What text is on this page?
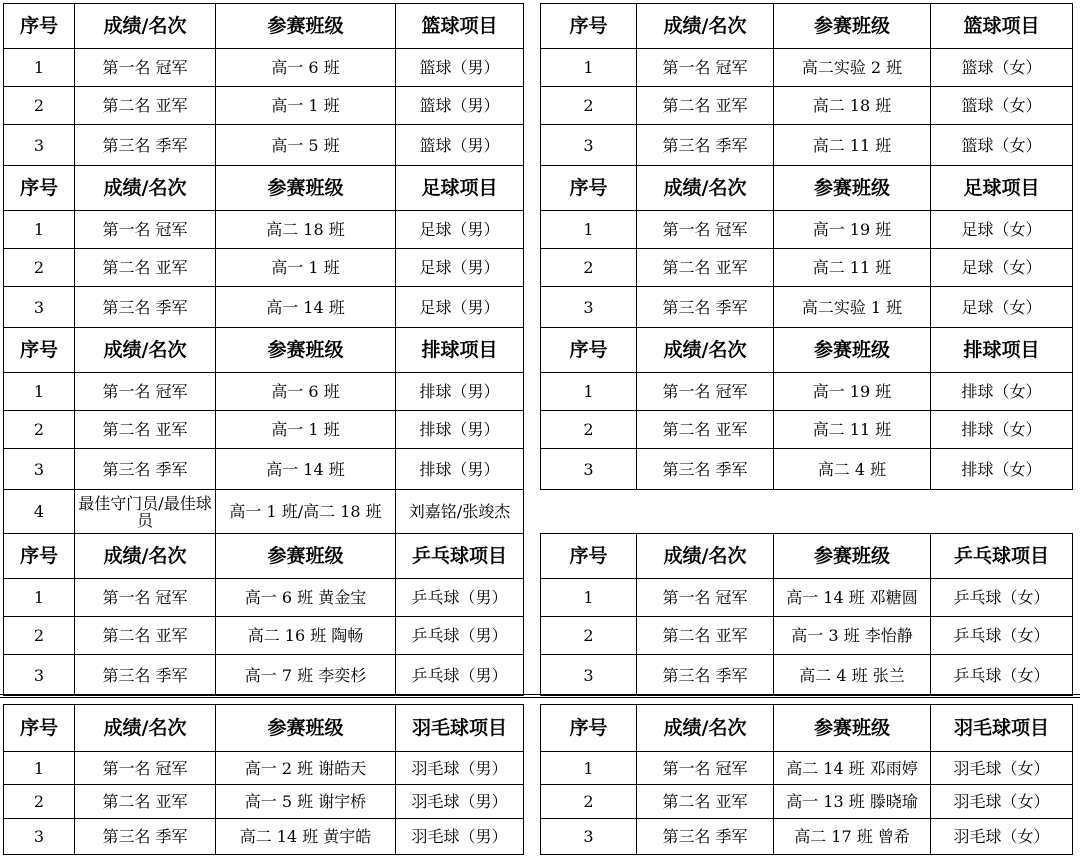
序号	成绩/名次	参赛班级	篮球项目		序号	成绩/名次	参赛班级	篮球项目
1	第一名 冠军	高一 6 班	篮球（男）		1	第一名 冠军	高二实验 2 班	篮球（女）
2	第二名 亚军	高一 1 班	篮球（男）		2	第二名 亚军	高二 18 班	篮球（女）
3	第三名 季军	高一 5 班	篮球（男）		3	第三名 季军	高二 11 班	篮球（女）
序号	成绩/名次	参赛班级	足球项目		序号	成绩/名次	参赛班级	足球项目
1	第一名 冠军	高二 18 班	足球（男）		1	第一名 冠军	高一 19 班	足球（女）
2	第二名 亚军	高一 1 班	足球（男）		2	第二名 亚军	高二 11 班	足球（女）
3	第三名 季军	高一 14 班	足球（男）		3	第三名 季军	高二实验 1 班	足球（女）
序号	成绩/名次	参赛班级	排球项目		序号	成绩/名次	参赛班级	排球项目
1	第一名 冠军	高一 6 班	排球（男）		1	第一名 冠军	高一 19 班	排球（女）
2	第二名 亚军	高一 1 班	排球（男）		2	第二名 亚军	高二 11 班	排球（女）
3	第三名 季军	高一 14 班	排球（男）		3	第三名 季军	高二 4 班	排球（女）
4	最佳守门员/最佳球员	高一 1 班/高二 18 班	刘嘉铭/张竣杰					
序号	成绩/名次	参赛班级	乒乓球项目		序号	成绩/名次	参赛班级	乒乓球项目
1	第一名 冠军	高一 6 班 黄金宝	乒乓球（男）		1	第一名 冠军	高一 14 班 邓糖圆	乒乓球（女）
2	第二名 亚军	高二 16 班 陶畅	乒乓球（男）		2	第二名 亚军	高一 3 班 李怡静	乒乓球（女）
3	第三名 季军	高一 7 班 李奕杉	乒乓球（男）		3	第三名 季军	高二 4 班 张兰	乒乓球（女）
序号	成绩/名次	参赛班级	羽毛球项目		序号	成绩/名次	参赛班级	羽毛球项目
1	第一名 冠军	高一 2 班 谢皓天	羽毛球（男）		1	第一名 冠军	高二 14 班 邓雨婷	羽毛球（女）
2	第二名 亚军	高一 5 班 谢宇桥	羽毛球（男）		2	第二名 亚军	高一 13 班 滕晓瑜	羽毛球（女）
3	第三名 季军	高二 14 班 黄宇皓	羽毛球（男）		3	第三名 季军	高二 17 班 曾希	羽毛球（女）
